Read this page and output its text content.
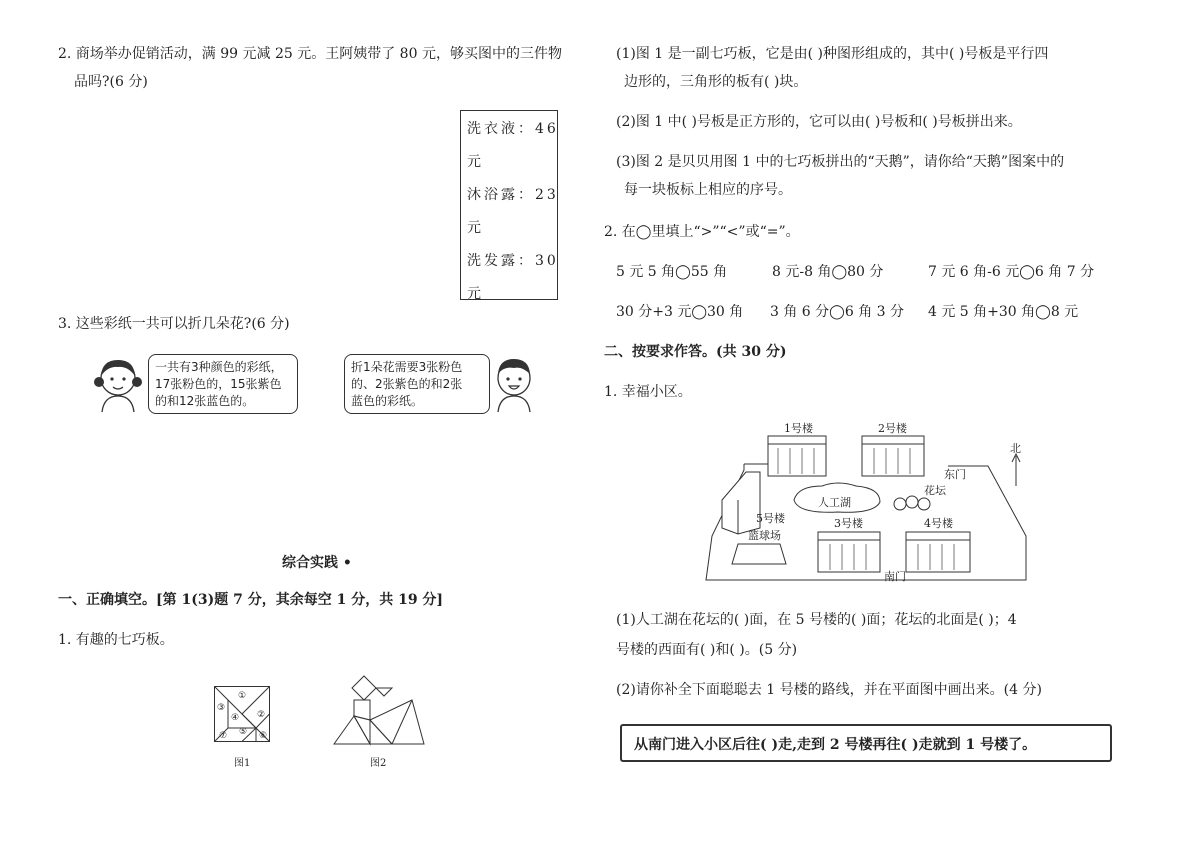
2. 商场举办促销活动，满 99 元减 25 元。王阿姨带了 80 元，够买图中的三件物
品吗?(6 分)
洗衣液：46
元
沐浴露：23
元
洗发露：30
元
3. 这些彩纸一共可以折几朵花?(6 分)
一共有3种颜色的彩纸，
17张粉色的，15张紫色
的和12张蓝色的。
折1朵花需要3张粉色
的、2张紫色的和2张
蓝色的彩纸。
综合实践 •
一、正确填空。[第 1(3)题 7 分，其余每空 1 分，共 19 分]
1. 有趣的七巧板。
①
②
③
④
⑤ ⑥
⑦
图1	图2
(1)图 1 是一副七巧板，它是由( )种图形组成的，其中( )号板是平行四
边形的，三角形的板有( )块。
(2)图 1 中( )号板是正方形的，它可以由( )号板和( )号板拼出来。
(3)图 2 是贝贝用图 1 中的七巧板拼出的“天鹅”，请你给“天鹅”图案中的
每一块板标上相应的序号。
2. 在◯里填上“>”“<”或“=”。
5 元 5 角◯55 角	8 元-8 角◯80 分	7 元 6 角-6 元◯6 角 7 分
30 分+3 元◯30 角 3 角 6 分◯6 角 3 分 4 元 5 角+30 角◯8 元
二、按要求作答。(共 30 分)
1. 幸福小区。
1号楼	2号楼
东门
北
花坛
人工湖
5号楼	3号楼	4号楼
篮球场
南门
(1)人工湖在花坛的( )面，在 5 号楼的( )面；花坛的北面是( )；4
号楼的西面有( )和( )。(5 分)
(2)请你补全下面聪聪去 1 号楼的路线，并在平面图中画出来。(4 分)
从南门进入小区后往( )走,走到 2 号楼再往( )走就到 1 号楼了。
